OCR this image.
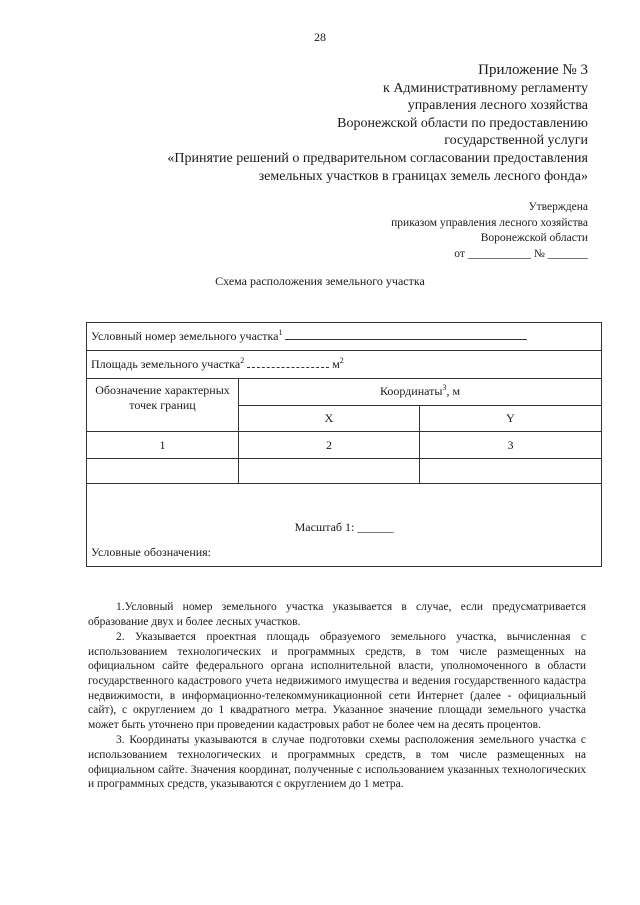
28
Приложение № 3
к Административному регламенту
управления лесного хозяйства
Воронежской области по предоставлению
государственной услуги
«Принятие решений о предварительном согласовании предоставления
земельных участков в границах земель лесного фонда»
Утверждена
приказом управления лесного хозяйства
Воронежской области
от ___________ № _______
Схема расположения земельного участка
Условный номер земельного участка$^1$
Площадь земельного участка$^2$ $м^2$
Обозначение характерных точек границ	Координаты$^3$, м	
	X	Y
1	2	3

Масштаб 1: ______
Условные обозначения:		

1.Условный номер земельного участка указывается в случае, если предусматривается образование двух и более лесных участков.

2. Указывается проектная площадь образуемого земельного участка, вычисленная с использованием технологических и программных средств, в том числе размещенных на официальном сайте федерального органа исполнительной власти, уполномоченного в области государственного кадастрового учета недвижимого имущества и ведения государственного кадастра недвижимости, в информационно-телекоммуникационной сети Интернет (далее - официальный сайт), с округлением до 1 квадратного метра. Указанное значение площади земельного участка может быть уточнено при проведении кадастровых работ не более чем на десять процентов.

3. Координаты указываются в случае подготовки схемы расположения земельного участка с использованием технологических и программных средств, в том числе размещенных на официальном сайте. Значения координат, полученные с использованием указанных технологических и программных средств, указываются с округлением до 1 метра.
